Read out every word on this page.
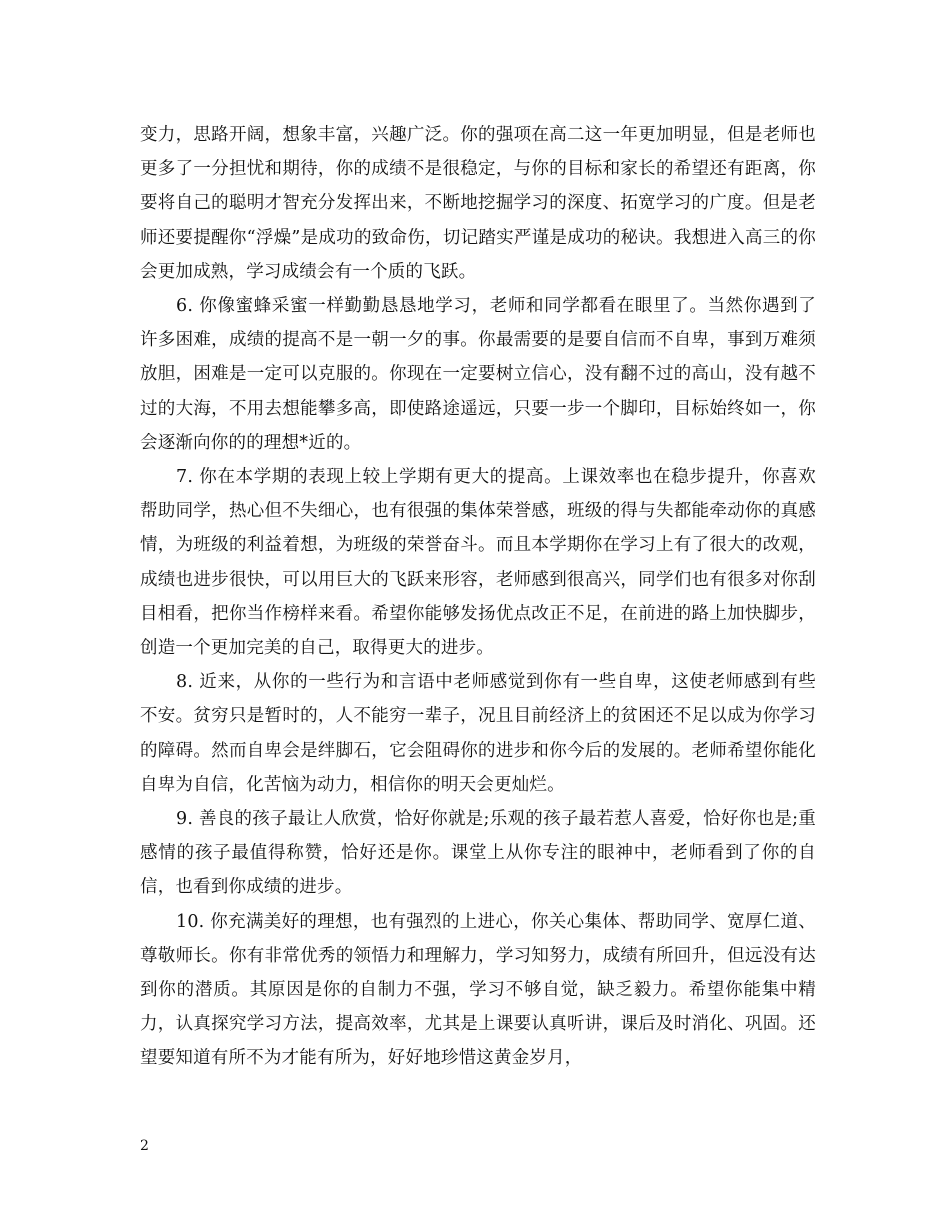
变力，思路开阔，想象丰富，兴趣广泛。你的强项在高二这一年更加明显，但是老师也更多了一分担忧和期待，你的成绩不是很稳定，与你的目标和家长的希望还有距离，你要将自己的聪明才智充分发挥出来，不断地挖掘学习的深度、拓宽学习的广度。但是老师还要提醒你“浮燥”是成功的致命伤，切记踏实严谨是成功的秘诀。我想进入高三的你会更加成熟，学习成绩会有一个质的飞跃。

6. 你像蜜蜂采蜜一样勤勤恳恳地学习，老师和同学都看在眼里了。当然你遇到了许多困难，成绩的提高不是一朝一夕的事。你最需要的是要自信而不自卑，事到万难须放胆，困难是一定可以克服的。你现在一定要树立信心，没有翻不过的高山，没有越不过的大海，不用去想能攀多高，即使路途遥远，只要一步一个脚印，目标始终如一，你会逐渐向你的的理想*近的。

7. 你在本学期的表现上较上学期有更大的提高。上课效率也在稳步提升，你喜欢帮助同学，热心但不失细心，也有很强的集体荣誉感，班级的得与失都能牵动你的真感情，为班级的利益着想，为班级的荣誉奋斗。而且本学期你在学习上有了很大的改观，成绩也进步很快，可以用巨大的飞跃来形容，老师感到很高兴，同学们也有很多对你刮目相看，把你当作榜样来看。希望你能够发扬优点改正不足，在前进的路上加快脚步，创造一个更加完美的自己，取得更大的进步。

8. 近来，从你的一些行为和言语中老师感觉到你有一些自卑，这使老师感到有些不安。贫穷只是暂时的，人不能穷一辈子，况且目前经济上的贫困还不足以成为你学习的障碍。然而自卑会是绊脚石，它会阻碍你的进步和你今后的发展的。老师希望你能化自卑为自信，化苦恼为动力，相信你的明天会更灿烂。

9. 善良的孩子最让人欣赏，恰好你就是;乐观的孩子最若惹人喜爱，恰好你也是;重感情的孩子最值得称赞，恰好还是你。课堂上从你专注的眼神中，老师看到了你的自信，也看到你成绩的进步。

10. 你充满美好的理想，也有强烈的上进心，你关心集体、帮助同学、宽厚仁道、尊敬师长。你有非常优秀的领悟力和理解力，学习知努力，成绩有所回升，但远没有达到你的潜质。其原因是你的自制力不强，学习不够自觉，缺乏毅力。希望你能集中精力，认真探究学习方法，提高效率，尤其是上课要认真听讲，课后及时消化、巩固。还望要知道有所不为才能有所为，好好地珍惜这黄金岁月，

2
